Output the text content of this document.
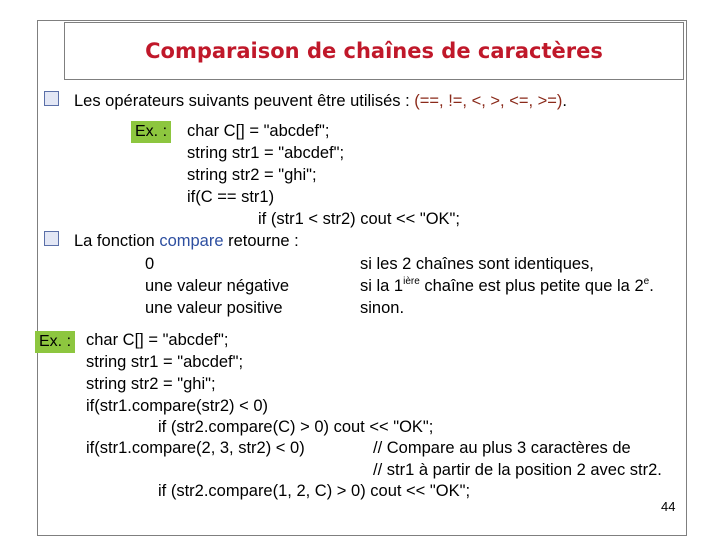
Comparaison de chaînes de caractères
Les opérateurs suivants peuvent être utilisés : (==, !=, <, >, <=, >=).
Ex. : char C[] = "abcdef";
string str1 = "abcdef";
string str2 = "ghi";
if(C == str1)
if (str1 < str2) cout << "OK";
La fonction compare retourne :
0	si les 2 chaînes sont identiques,
une valeur négative	si la $1^{ière}$ chaîne est plus petite que la 2e.
une valeur positive	sinon.
Ex. : char C[] = "abcdef";
string str1 = "abcdef";
string str2 = "ghi";
if(str1.compare(str2) < 0)
if (str2.compare(C) > 0) cout << "OK";
if(str1.compare(2, 3, str2) < 0)	// Compare au plus 3 caractères de
// str1 à partir de la position 2 avec str2.
if (str2.compare(1, 2, C) > 0) cout << "OK";
44
